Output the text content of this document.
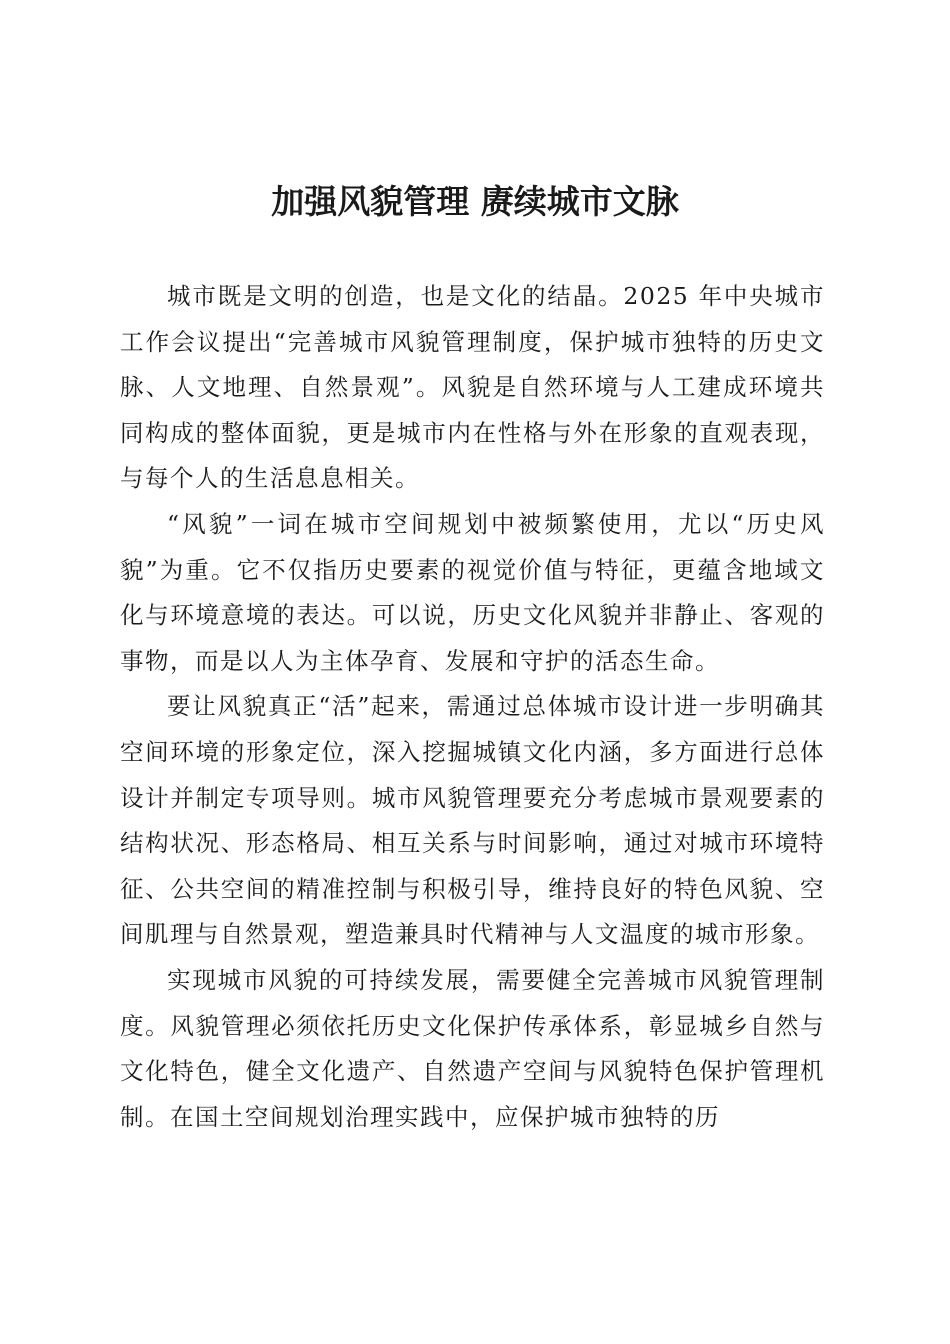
加强风貌管理 赓续城市文脉

城市既是文明的创造，也是文化的结晶。2025 年中央城市工作会议提出“完善城市风貌管理制度，保护城市独特的历史文脉、人文地理、自然景观”。风貌是自然环境与人工建成环境共同构成的整体面貌，更是城市内在性格与外在形象的直观表现，与每个人的生活息息相关。

“风貌”一词在城市空间规划中被频繁使用，尤以“历史风貌”为重。它不仅指历史要素的视觉价值与特征，更蕴含地域文化与环境意境的表达。可以说，历史文化风貌并非静止、客观的事物，而是以人为主体孕育、发展和守护的活态生命。

要让风貌真正“活”起来，需通过总体城市设计进一步明确其空间环境的形象定位，深入挖掘城镇文化内涵，多方面进行总体设计并制定专项导则。城市风貌管理要充分考虑城市景观要素的结构状况、形态格局、相互关系与时间影响，通过对城市环境特征、公共空间的精准控制与积极引导，维持良好的特色风貌、空间肌理与自然景观，塑造兼具时代精神与人文温度的城市形象。

实现城市风貌的可持续发展，需要健全完善城市风貌管理制度。风貌管理必须依托历史文化保护传承体系，彰显城乡自然与文化特色，健全文化遗产、自然遗产空间与风貌特色保护管理机制。在国土空间规划治理实践中，应保护城市独特的历
